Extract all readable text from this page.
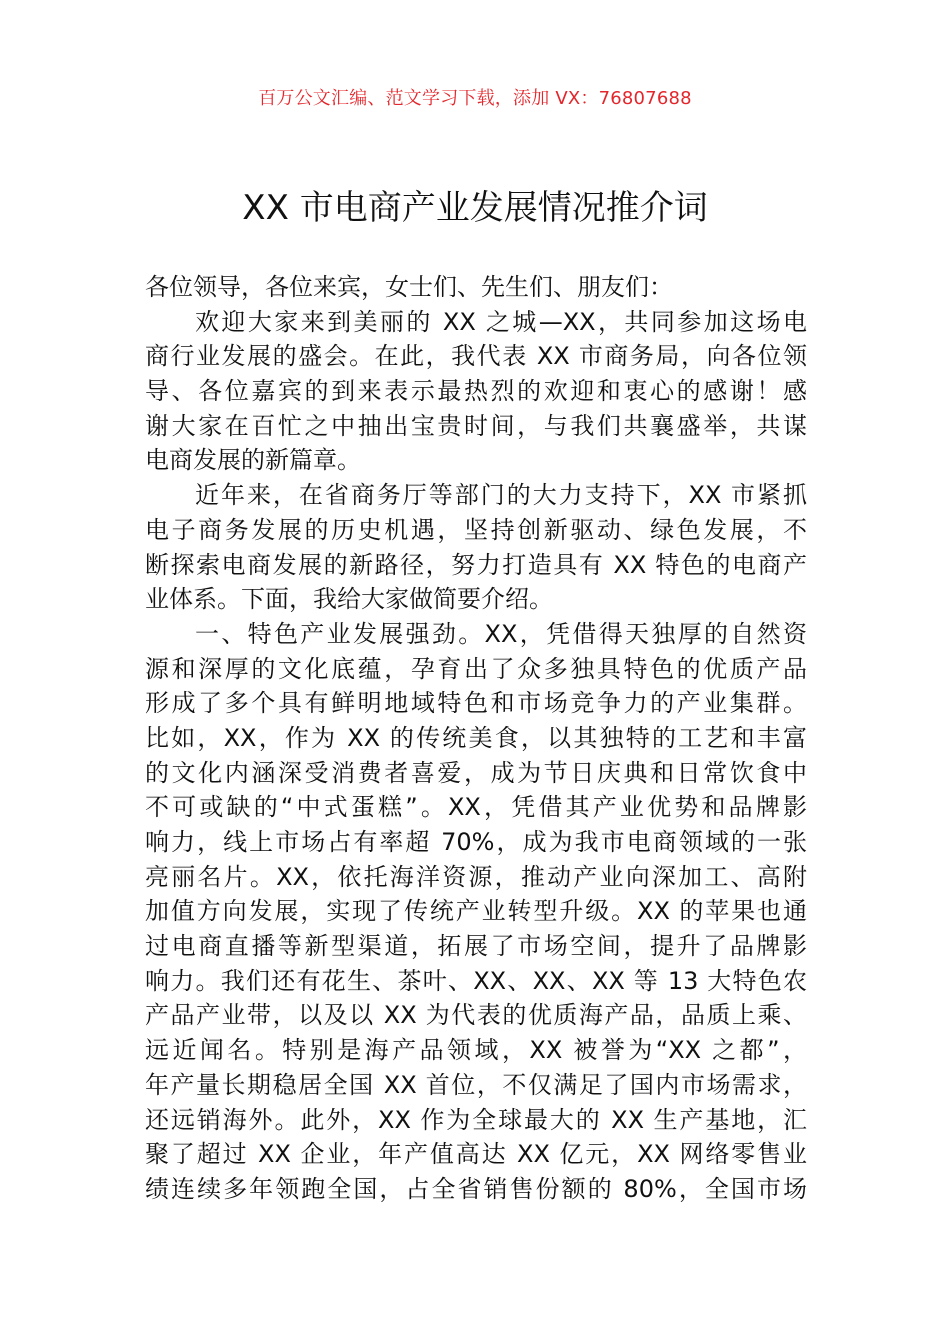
百万公文汇编、范文学习下载，添加 VX：76807688
XX 市电商产业发展情况推介词
各位领导，各位来宾，女士们、先生们、朋友们：
欢迎大家来到美丽的 XX 之城—XX，共同参加这场电
商行业发展的盛会。在此，我代表 XX 市商务局，向各位领
导、各位嘉宾的到来表示最热烈的欢迎和衷心的感谢！感
谢大家在百忙之中抽出宝贵时间，与我们共襄盛举，共谋
电商发展的新篇章。
近年来，在省商务厅等部门的大力支持下，XX 市紧抓
电子商务发展的历史机遇，坚持创新驱动、绿色发展，不
断探索电商发展的新路径，努力打造具有 XX 特色的电商产
业体系。下面，我给大家做简要介绍。
一、特色产业发展强劲。XX，凭借得天独厚的自然资
源和深厚的文化底蕴，孕育出了众多独具特色的优质产品
形成了多个具有鲜明地域特色和市场竞争力的产业集群。
比如，XX，作为 XX 的传统美食，以其独特的工艺和丰富
的文化内涵深受消费者喜爱，成为节日庆典和日常饮食中
不可或缺的“中式蛋糕”。XX，凭借其产业优势和品牌影
响力，线上市场占有率超 70%，成为我市电商领域的一张
亮丽名片。XX，依托海洋资源，推动产业向深加工、高附
加值方向发展，实现了传统产业转型升级。XX 的苹果也通
过电商直播等新型渠道，拓展了市场空间，提升了品牌影
响力。我们还有花生、茶叶、XX、XX、XX 等 13 大特色农
产品产业带，以及以 XX 为代表的优质海产品，品质上乘、
远近闻名。特别是海产品领域，XX 被誉为“XX 之都”，
年产量长期稳居全国 XX 首位，不仅满足了国内市场需求，
还远销海外。此外，XX 作为全球最大的 XX 生产基地，汇
聚了超过 XX 企业，年产值高达 XX 亿元，XX 网络零售业
绩连续多年领跑全国，占全省销售份额的 80%，全国市场
